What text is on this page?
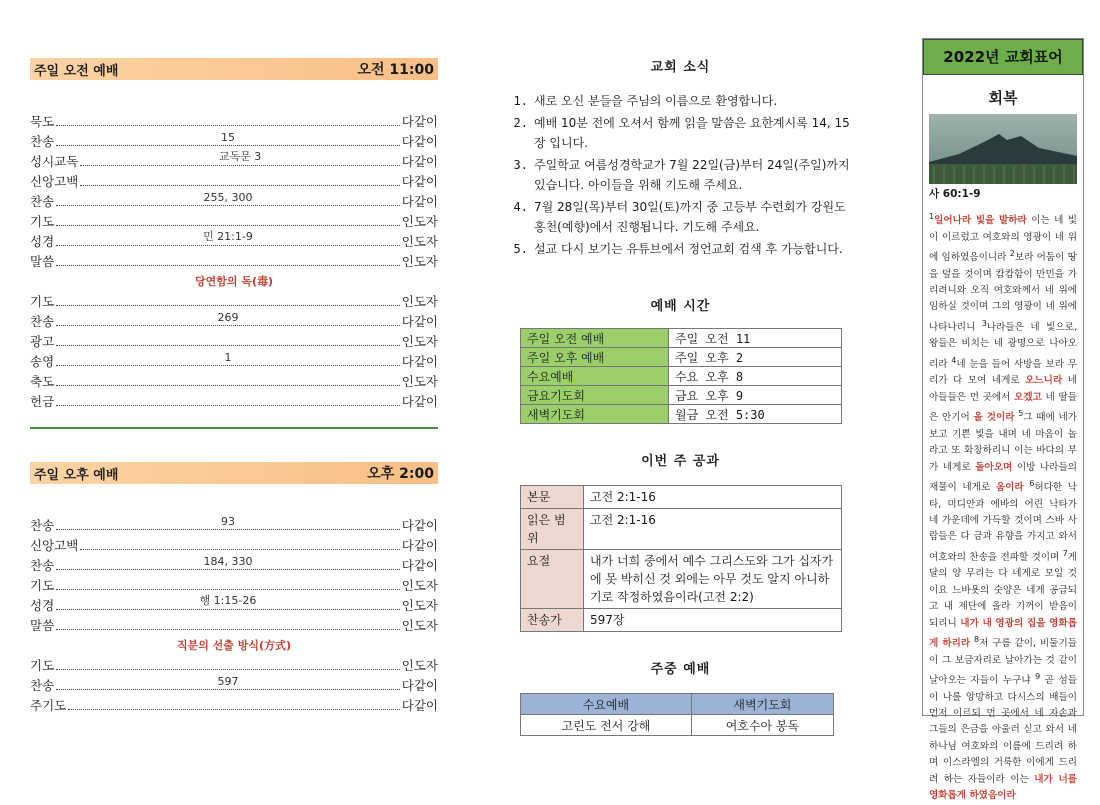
주일 오전 예배	오전 11:00
묵도	다같이
찬송	15	다같이
성시교독	교독문 3	다같이
신앙고백	다같이
찬송	255, 300	다같이
기도	인도자
성경	민 21:1-9	인도자
말씀	인도자
당연함의 독(毒)
기도	인도자
찬송	269	다같이
광고	인도자
송영	1	다같이
축도	인도자
헌금	다같이
주일 오후 예배	오후 2:00
찬송	93	다같이
신앙고백	다같이
찬송	184, 330	다같이
기도	인도자
성경	행 1:15-26	인도자
말씀	인도자
직분의 선출 방식(方式)
기도	인도자
찬송	597	다같이
주기도	다같이
교회 소식
1. 새로 오신 분들을 주님의 이름으로 환영합니다.
2. 예배 10분 전에 오셔서 함께 읽을 말씀은 요한계시록 14, 15장 입니다.
3. 주일학교 여름성경학교가 7월 22일(금)부터 24일(주일)까지 있습니다. 아이들을 위해 기도해 주세요.
4. 7월 28일(목)부터 30일(토)까지 중 고등부 수련회가 강원도 홍천(예향)에서 진행됩니다. 기도해 주세요.
5. 설교 다시 보기는 유튜브에서 정언교회 검색 후 가능합니다.
예배 시간
주일 오전 예배	주일 오전 11
주일 오후 예배	주일 오후 2
수요예배	수요 오후 8
금요기도회	금요 오후 9
새벽기도회	월금 오전 5:30
이번 주 공과
본문	고전 2:1-16
읽은 범위	고전 2:1-16
요절	내가 너희 중에서 예수 그리스도와 그가 십자가에 못 박히신 것 외에는 아무 것도 알지 아니하기로 작정하였음이라(고전 2:2)
찬송가	597장
주중 예배
수요예배	새벽기도회
고린도 전서 강해	여호수아 봉독
2022년 교회표어
회복
사 60:1-9
$^1$일어나라 빛을 발하라 이는 네 빛이 이르렀고 여호와의 영광이 네 위에 임하였음이니라 $^2$보라 어둠이 땅을 덮을 것이며 캄캄함이 만민을 가리려니와 오직 여호와께서 네 위에 임하실 것이며 그의 영광이 네 위에 나타나리니 $^3$나라들은 네 빛으로, 왕들은 비치는 네 광명으로 나아오리라 $^4$네 눈을 들어 사방을 보라 무리가 다 모여 네게로 오느니라 네 아들들은 먼 곳에서 오겠고 네 딸들은 안기어 올 것이라 $^5$그 때에 네가 보고 기쁜 빛을 내며 네 마음이 놀라고 또 화창하리니 이는 바다의 부가 네게로 돌아오며 이방 나라들의 재물이 네게로 옴이라 $^6$허다한 낙타, 미디안과 에바의 어린 낙타가 네 가운데에 가득할 것이며 스바 사람들은 다 금과 유향을 가지고 와서 여호와의 찬송을 전파할 것이며 $^7$게달의 양 무리는 다 네게로 모일 것이요 느바욧의 숫양은 네게 공급되고 내 제단에 올라 기꺼이 받음이 되리니 내가 내 영광의 집을 영화롭게 하리라 $^8$저 구름 같이, 비둘기들이 그 보금자리로 날아가는 것 같이 날아오는 자들이 누구냐 $^9$ 곧 섬들이 나를 앙망하고 다시스의 배들이 먼저 이르되 먼 곳에서 네 자손과 그들의 은금을 아울러 싣고 와서 네 하나님 여호와의 이름에 드리려 하며 이스라엘의 거룩한 이에게 드리려 하는 자들이라 이는 내가 너를 영화롭게 하였음이라
